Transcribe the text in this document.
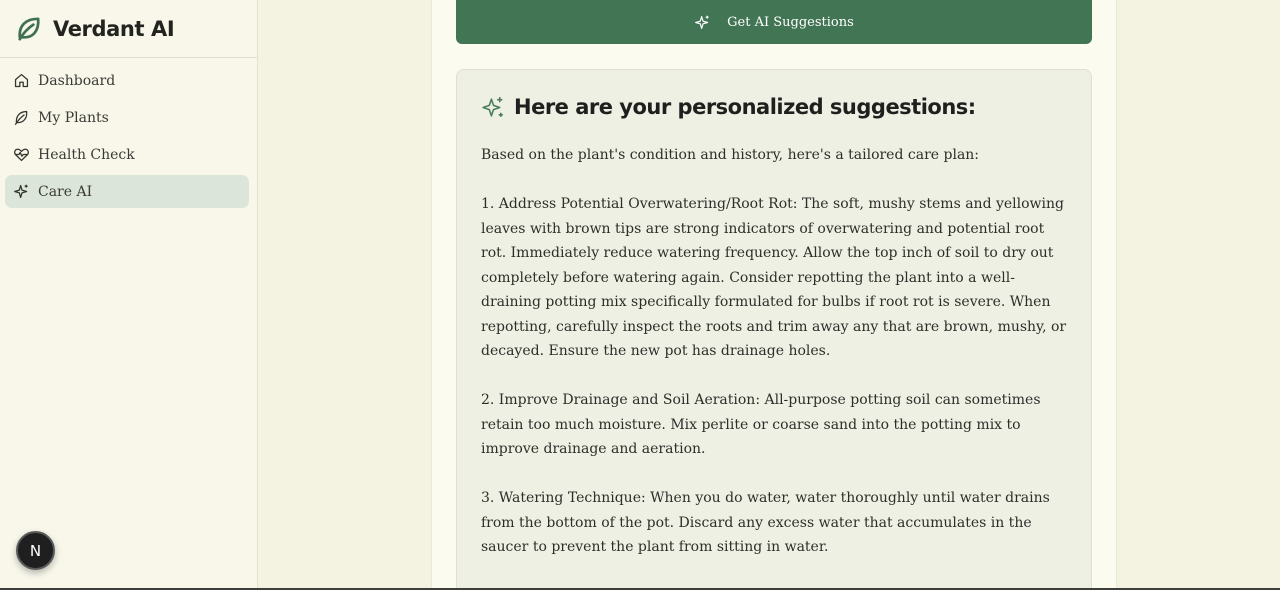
Verdant AI
Dashboard
My Plants
Health Check
Care AI
N
Get AI Suggestions
Here are your personalized suggestions:
Based on the plant's condition and history, here's a tailored care plan:

1. Address Potential Overwatering/Root Rot: The soft, mushy stems and yellowing leaves with brown tips are strong indicators of overwatering and potential root rot. Immediately reduce watering frequency. Allow the top inch of soil to dry out completely before watering again. Consider repotting the plant into a well-draining potting mix specifically formulated for bulbs if root rot is severe. When repotting, carefully inspect the roots and trim away any that are brown, mushy, or decayed. Ensure the new pot has drainage holes.

2. Improve Drainage and Soil Aeration: All-purpose potting soil can sometimes retain too much moisture. Mix perlite or coarse sand into the potting mix to improve drainage and aeration.

3. Watering Technique: When you do water, water thoroughly until water drains from the bottom of the pot. Discard any excess water that accumulates in the saucer to prevent the plant from sitting in water.
